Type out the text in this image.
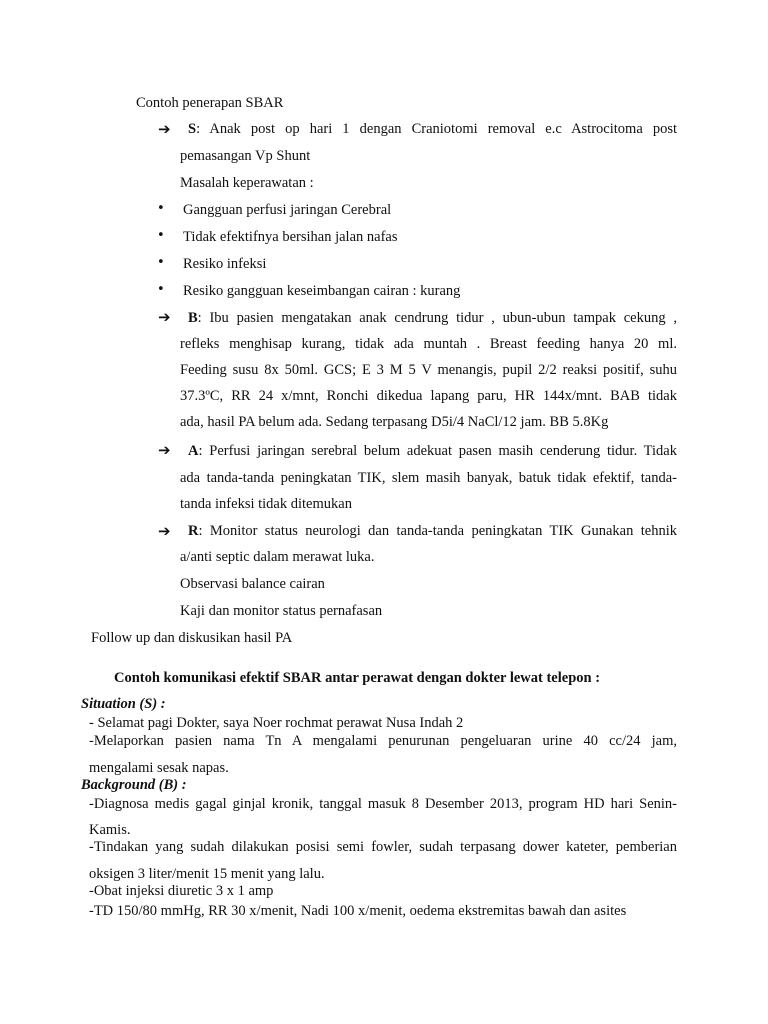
Contoh penerapan SBAR
➔ S: Anak post op hari 1 dengan Craniotomi removal e.c Astrocitoma post
pemasangan Vp Shunt
Masalah keperawatan :
• Gangguan perfusi jaringan Cerebral
• Tidak efektifnya bersihan jalan nafas
• Resiko infeksi
• Resiko gangguan keseimbangan cairan : kurang
➔ B: Ibu pasien mengatakan anak cendrung tidur , ubun-ubun tampak cekung ,
refleks menghisap kurang, tidak ada muntah . Breast feeding hanya 20 ml.
Feeding susu 8x 50ml. GCS; E 3 M 5 V menangis, pupil 2/2 reaksi positif, suhu
37.3ºC, RR 24 x/mnt, Ronchi dikedua lapang paru, HR 144x/mnt. BAB tidak
ada, hasil PA belum ada. Sedang terpasang D5i/4 NaCl/12 jam. BB 5.8Kg
➔ A: Perfusi jaringan serebral belum adekuat pasen masih cenderung tidur. Tidak
ada tanda-tanda peningkatan TIK, slem masih banyak, batuk tidak efektif, tanda-
tanda infeksi tidak ditemukan
➔ R: Monitor status neurologi dan tanda-tanda peningkatan TIK Gunakan tehnik
a/anti septic dalam merawat luka.
Observasi balance cairan
Kaji dan monitor status pernafasan
Follow up dan diskusikan hasil PA
Contoh komunikasi efektif SBAR antar perawat dengan dokter lewat telepon :
Situation (S) :
- Selamat pagi Dokter, saya Noer rochmat perawat Nusa Indah 2
-Melaporkan pasien nama Tn A mengalami penurunan pengeluaran urine 40 cc/24 jam,
mengalami sesak napas.
Background (B) :
-Diagnosa medis gagal ginjal kronik, tanggal masuk 8 Desember 2013, program HD hari Senin-
Kamis.
-Tindakan yang sudah dilakukan posisi semi fowler, sudah terpasang dower kateter, pemberian
oksigen 3 liter/menit 15 menit yang lalu.
-Obat injeksi diuretic 3 x 1 amp
-TD 150/80 mmHg, RR 30 x/menit, Nadi 100 x/menit, oedema ekstremitas bawah dan asites
